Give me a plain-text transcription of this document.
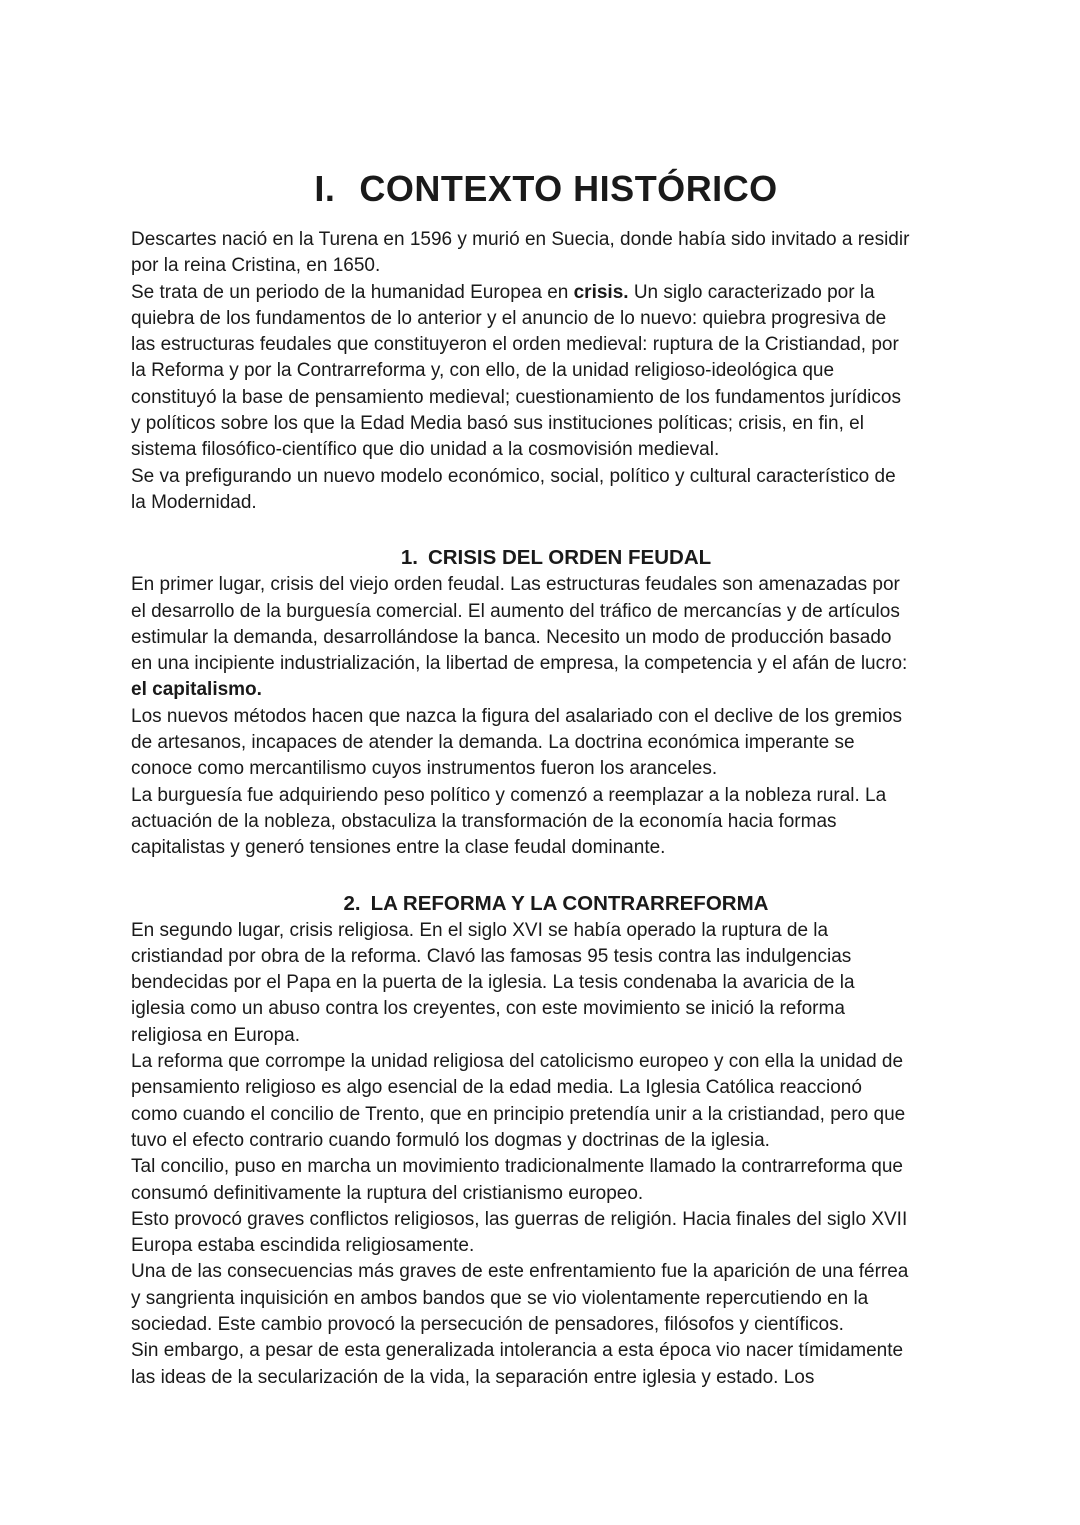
I. CONTEXTO HISTÓRICO

Descartes nació en la Turena en 1596 y murió en Suecia, donde había sido invitado a residir
por la reina Cristina, en 1650.

Se trata de un periodo de la humanidad Europea en crisis. Un siglo caracterizado por la
quiebra de los fundamentos de lo anterior y el anuncio de lo nuevo: quiebra progresiva de
las estructuras feudales que constituyeron el orden medieval: ruptura de la Cristiandad, por
la Reforma y por la Contrarreforma y, con ello, de la unidad religioso-ideológica que
constituyó la base de pensamiento medieval; cuestionamiento de los fundamentos jurídicos
y políticos sobre los que la Edad Media basó sus instituciones políticas; crisis, en fin, el
sistema filosófico-científico que dio unidad a la cosmovisión medieval.

Se va prefigurando un nuevo modelo económico, social, político y cultural característico de
la Modernidad.

1. CRISIS DEL ORDEN FEUDAL

En primer lugar, crisis del viejo orden feudal. Las estructuras feudales son amenazadas por
el desarrollo de la burguesía comercial. El aumento del tráfico de mercancías y de artículos
estimular la demanda, desarrollándose la banca. Necesito un modo de producción basado
en una incipiente industrialización, la libertad de empresa, la competencia y el afán de lucro:
el capitalismo.

Los nuevos métodos hacen que nazca la figura del asalariado con el declive de los gremios
de artesanos, incapaces de atender la demanda. La doctrina económica imperante se
conoce como mercantilismo cuyos instrumentos fueron los aranceles.

La burguesía fue adquiriendo peso político y comenzó a reemplazar a la nobleza rural. La
actuación de la nobleza, obstaculiza la transformación de la economía hacia formas
capitalistas y generó tensiones entre la clase feudal dominante.

2. LA REFORMA Y LA CONTRARREFORMA

En segundo lugar, crisis religiosa. En el siglo XVI se había operado la ruptura de la
cristiandad por obra de la reforma. Clavó las famosas 95 tesis contra las indulgencias
bendecidas por el Papa en la puerta de la iglesia. La tesis condenaba la avaricia de la
iglesia como un abuso contra los creyentes, con este movimiento se inició la reforma
religiosa en Europa.

La reforma que corrompe la unidad religiosa del catolicismo europeo y con ella la unidad de
pensamiento religioso es algo esencial de la edad media. La Iglesia Católica reaccionó
como cuando el concilio de Trento, que en principio pretendía unir a la cristiandad, pero que
tuvo el efecto contrario cuando formuló los dogmas y doctrinas de la iglesia.

Tal concilio, puso en marcha un movimiento tradicionalmente llamado la contrarreforma que
consumó definitivamente la ruptura del cristianismo europeo.

Esto provocó graves conflictos religiosos, las guerras de religión. Hacia finales del siglo XVII
Europa estaba escindida religiosamente.

Una de las consecuencias más graves de este enfrentamiento fue la aparición de una férrea
y sangrienta inquisición en ambos bandos que se vio violentamente repercutiendo en la
sociedad. Este cambio provocó la persecución de pensadores, filósofos y científicos.

Sin embargo, a pesar de esta generalizada intolerancia a esta época vio nacer tímidamente
las ideas de la secularización de la vida, la separación entre iglesia y estado. Los
